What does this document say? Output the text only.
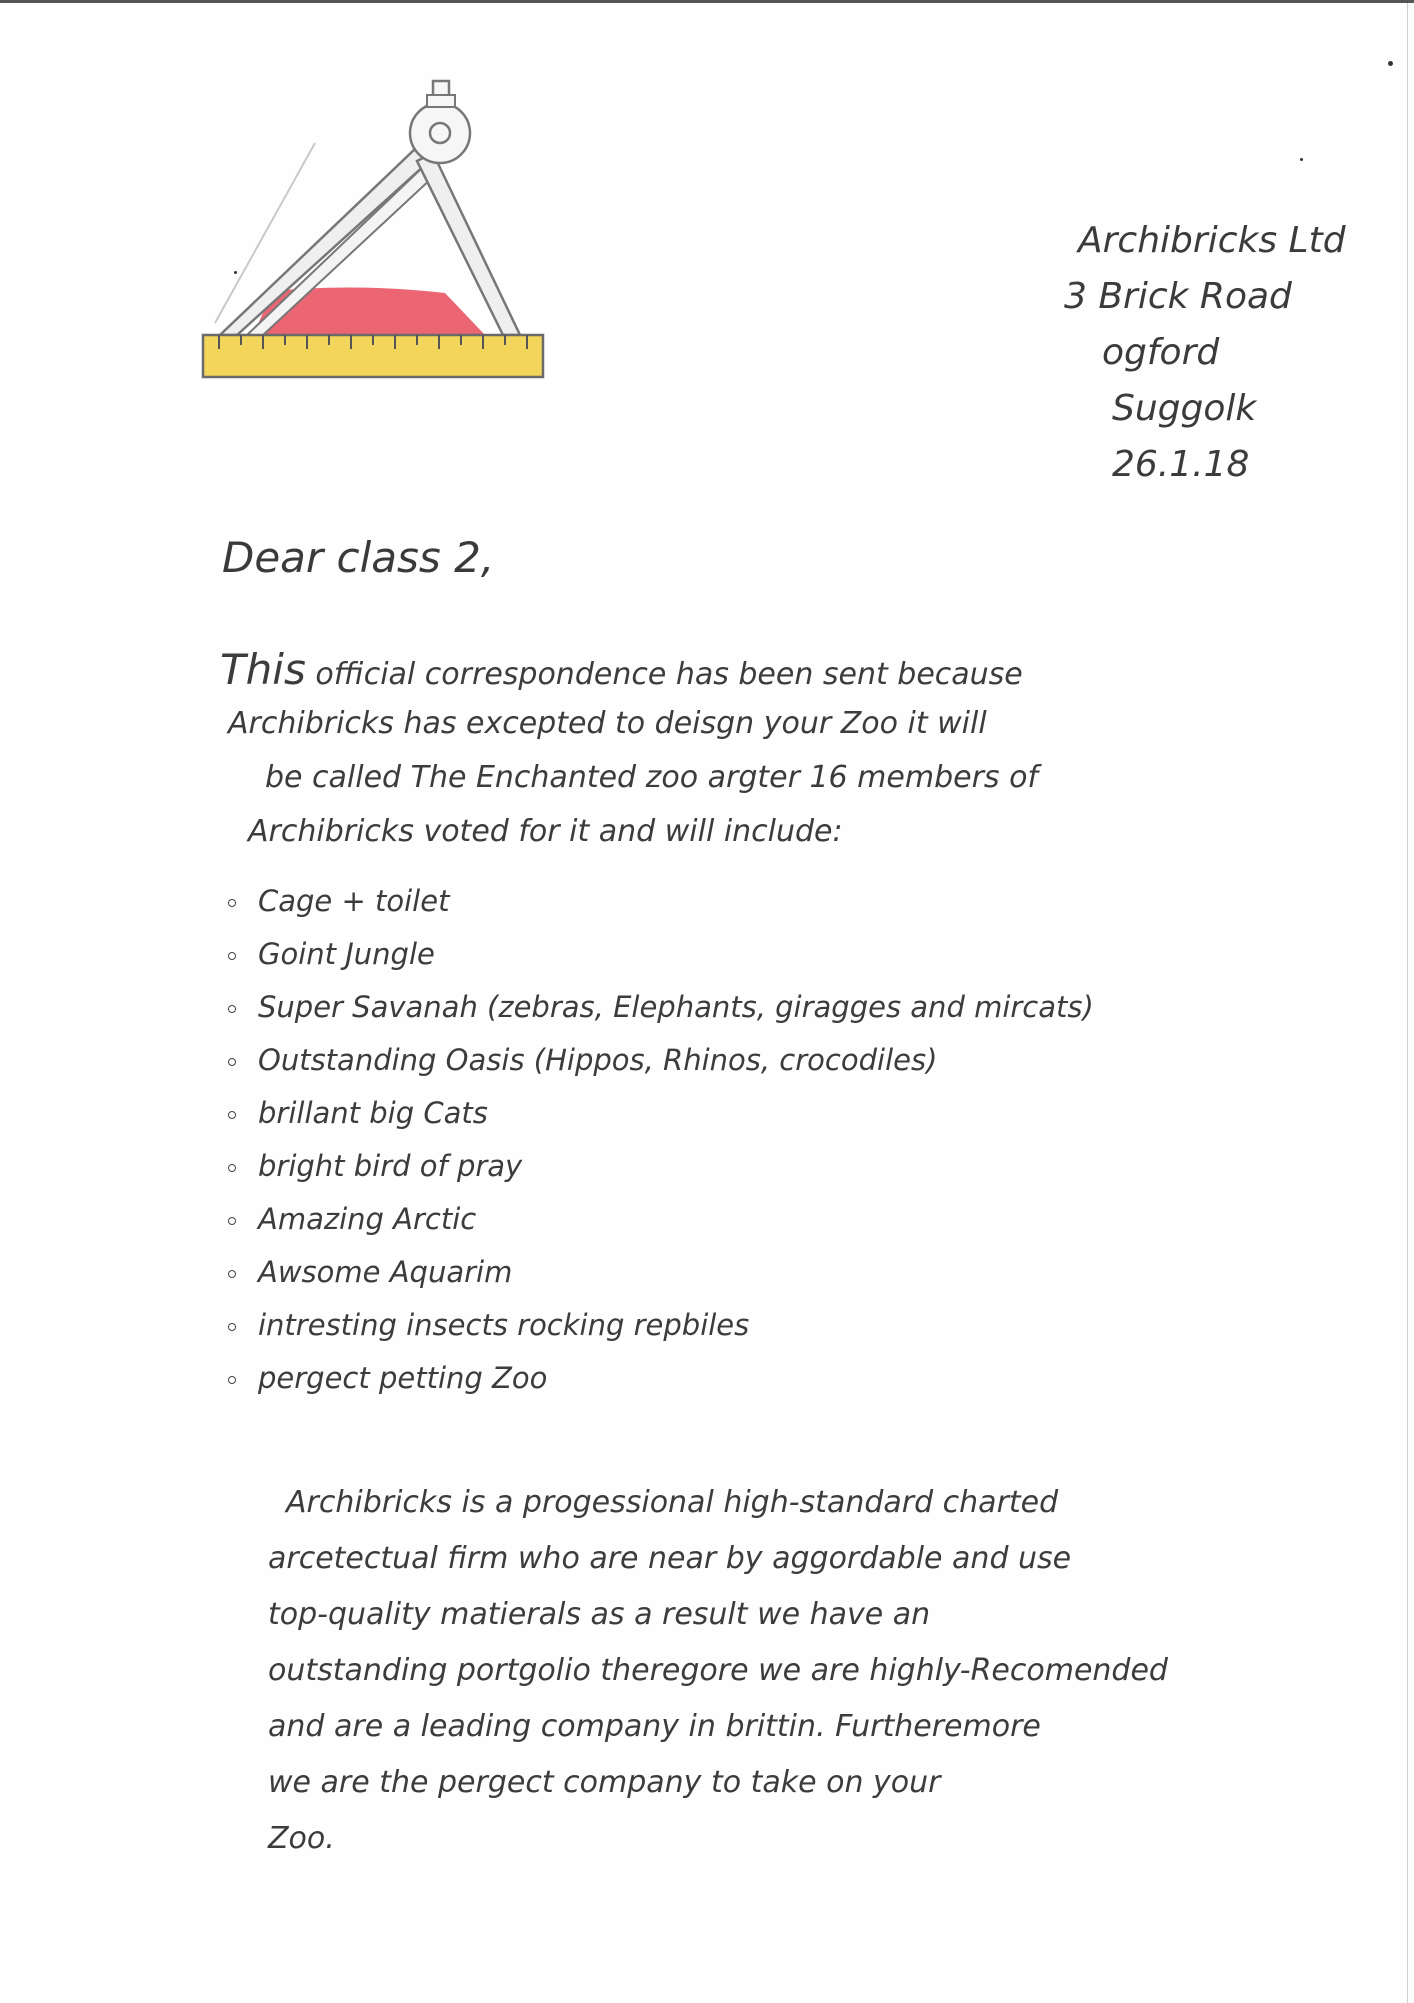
Archibricks Ltd
3 Brick Road
ogford
Suggolk
26.1.18
Dear class 2,
This official correspondence has been sent because
Archibricks has excepted to deisgn your Zoo it will
be called The Enchanted zoo argter 16 members of
Archibricks voted for it and will include:
Cage + toilet
Goint Jungle
Super Savanah (zebras, Elephants, giragges and mircats)
Outstanding Oasis (Hippos, Rhinos, crocodiles)
brillant big Cats
bright bird of pray
Amazing Arctic
Awsome Aquarim
intresting insects rocking repbiles
pergect petting Zoo
Archibricks is a progessional high-standard charted
arcetectual firm who are near by aggordable and use
top-quality matierals as a result we have an
outstanding portgolio theregore we are highly-Recomended
and are a leading company in brittin. Furtheremore
we are the pergect company to take on your
Zoo.
